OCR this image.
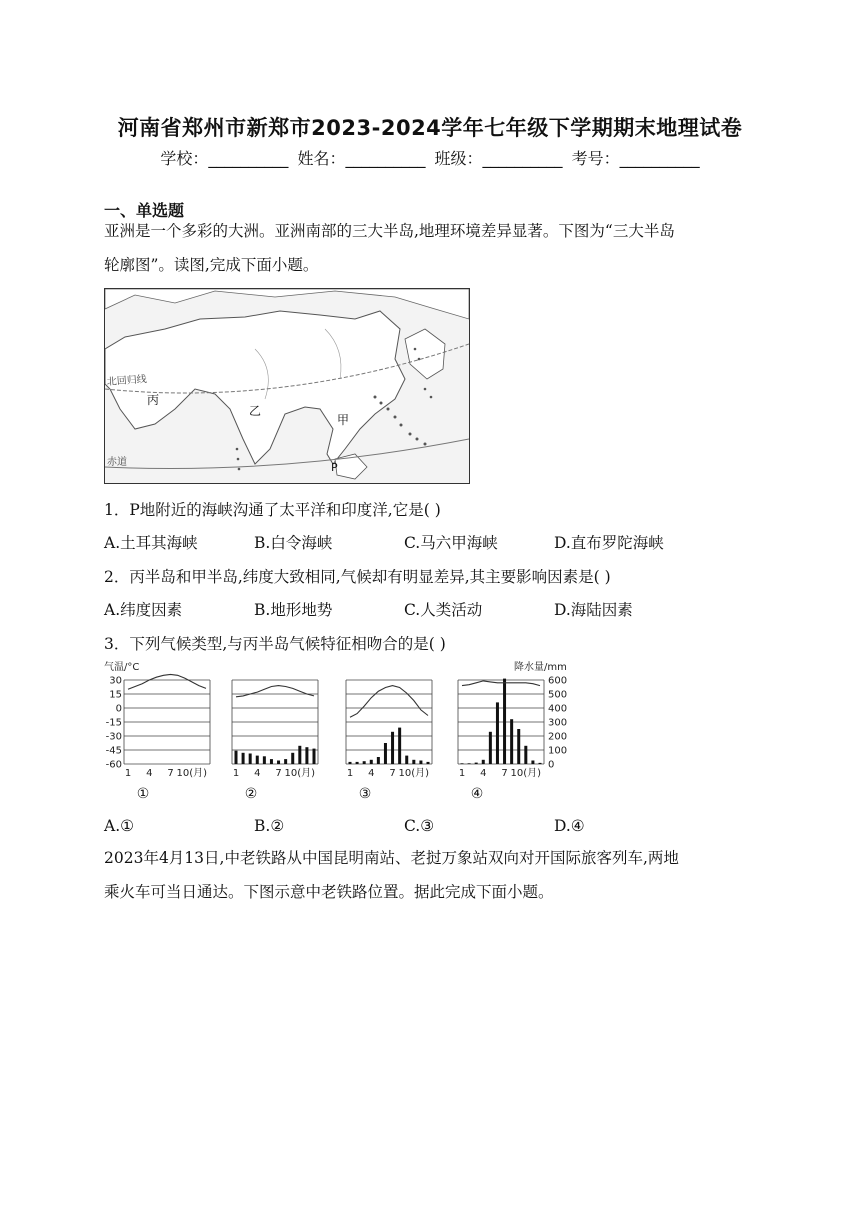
河南省郑州市新郑市2023-2024学年七年级下学期期末地理试卷
学校：__________ 姓名：__________ 班级：__________ 考号：__________
一、单选题
亚洲是一个多彩的大洲。亚洲南部的三大半岛,地理环境差异显著。下图为“三大半岛
轮廓图”。读图,完成下面小题。
北回归线
赤道
丙
乙
甲
P
1．P地附近的海峡沟通了太平洋和印度洋,它是( )
A.土耳其海峡	B.白令海峡	C.马六甲海峡	D.直布罗陀海峡
2．丙半岛和甲半岛,纬度大致相同,气候却有明显差异,其主要影响因素是( )
A.纬度因素	B.地形地势	C.人类活动	D.海陆因素
3．下列气候类型,与丙半岛气候特征相吻合的是( )
气温/°C	降水量/mm
30
15
0
-15
-30
-45
-60
600
500
400
300
200
100
0
1 4 7 10(月)
①
1 4 7 10(月)
②
1 4 7 10(月)
③
1 4 7 10(月)
④
A.①	B.②	C.③	D.④
2023年4月13日,中老铁路从中国昆明南站、老挝万象站双向对开国际旅客列车,两地
乘火车可当日通达。下图示意中老铁路位置。据此完成下面小题。
